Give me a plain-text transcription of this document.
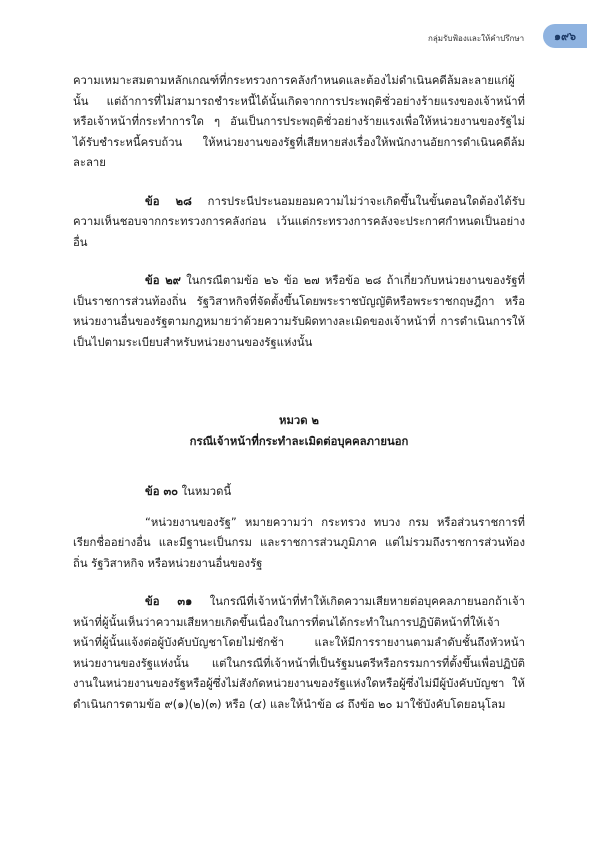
กลุ่มรับฟ้องและให้คำปรึกษา	๑๙๖

ความเหมาะสมตามหลักเกณฑ์ที่กระทรวงการคลังกำหนดและต้องไม่ดำเนินคดีล้มละลายแก่ผู้นั้น แต่ถ้าการที่ไม่สามารถชำระหนี้ได้นั้นเกิดจากการประพฤติชั่วอย่างร้ายแรงของเจ้าหน้าที่หรือเจ้าหน้าที่กระทำการใด ๆ อันเป็นการประพฤติชั่วอย่างร้ายแรงเพื่อให้หน่วยงานของรัฐไม่ได้รับชำระหนี้ครบถ้วน ให้หน่วยงานของรัฐที่เสียหายส่งเรื่องให้พนักงานอัยการดำเนินคดีล้มละลาย

ข้อ ๒๘ การประนีประนอมยอมความไม่ว่าจะเกิดขึ้นในขั้นตอนใดต้องได้รับความเห็นชอบจากกระทรวงการคลังก่อน เว้นแต่กระทรวงการคลังจะประกาศกำหนดเป็นอย่างอื่น

ข้อ ๒๙ ในกรณีตามข้อ ๒๖ ข้อ ๒๗ หรือข้อ ๒๘ ถ้าเกี่ยวกับหน่วยงานของรัฐที่เป็นราชการส่วนท้องถิ่น รัฐวิสาหกิจที่จัดตั้งขึ้นโดยพระราชบัญญัติหรือพระราชกฤษฎีกา หรือหน่วยงานอื่นของรัฐตามกฎหมายว่าด้วยความรับผิดทางละเมิดของเจ้าหน้าที่ การดำเนินการให้เป็นไปตามระเบียบสำหรับหน่วยงานของรัฐแห่งนั้น

หมวด ๒

กรณีเจ้าหน้าที่กระทำละเมิดต่อบุคคลภายนอก

ข้อ ๓๐ ในหมวดนี้

“หน่วยงานของรัฐ” หมายความว่า กระทรวง ทบวง กรม หรือส่วนราชการที่เรียกชื่ออย่างอื่น และมีฐานะเป็นกรม และราชการส่วนภูมิภาค แต่ไม่รวมถึงราชการส่วนท้องถิ่น รัฐวิสาหกิจ หรือหน่วยงานอื่นของรัฐ

ข้อ ๓๑ ในกรณีที่เจ้าหน้าที่ทำให้เกิดความเสียหายต่อบุคคลภายนอกถ้าเจ้าหน้าที่ผู้นั้นเห็นว่าความเสียหายเกิดขึ้นเนื่องในการที่ตนได้กระทำในการปฏิบัติหน้าที่ให้เจ้าหน้าที่ผู้นั้นแจ้งต่อผู้บังคับบัญชาโดยไม่ชักช้า และให้มีการรายงานตามลำดับชั้นถึงหัวหน้าหน่วยงานของรัฐแห่งนั้น แต่ในกรณีที่เจ้าหน้าที่เป็นรัฐมนตรีหรือกรรมการที่ตั้งขึ้นเพื่อปฏิบัติงานในหน่วยงานของรัฐหรือผู้ซึ่งไม่สังกัดหน่วยงานของรัฐแห่งใดหรือผู้ซึ่งไม่มีผู้บังคับบัญชา ให้ดำเนินการตามข้อ ๙(๑)(๒)(๓) หรือ (๔) และให้นำข้อ ๘ ถึงข้อ ๒๐ มาใช้บังคับโดยอนุโลม
